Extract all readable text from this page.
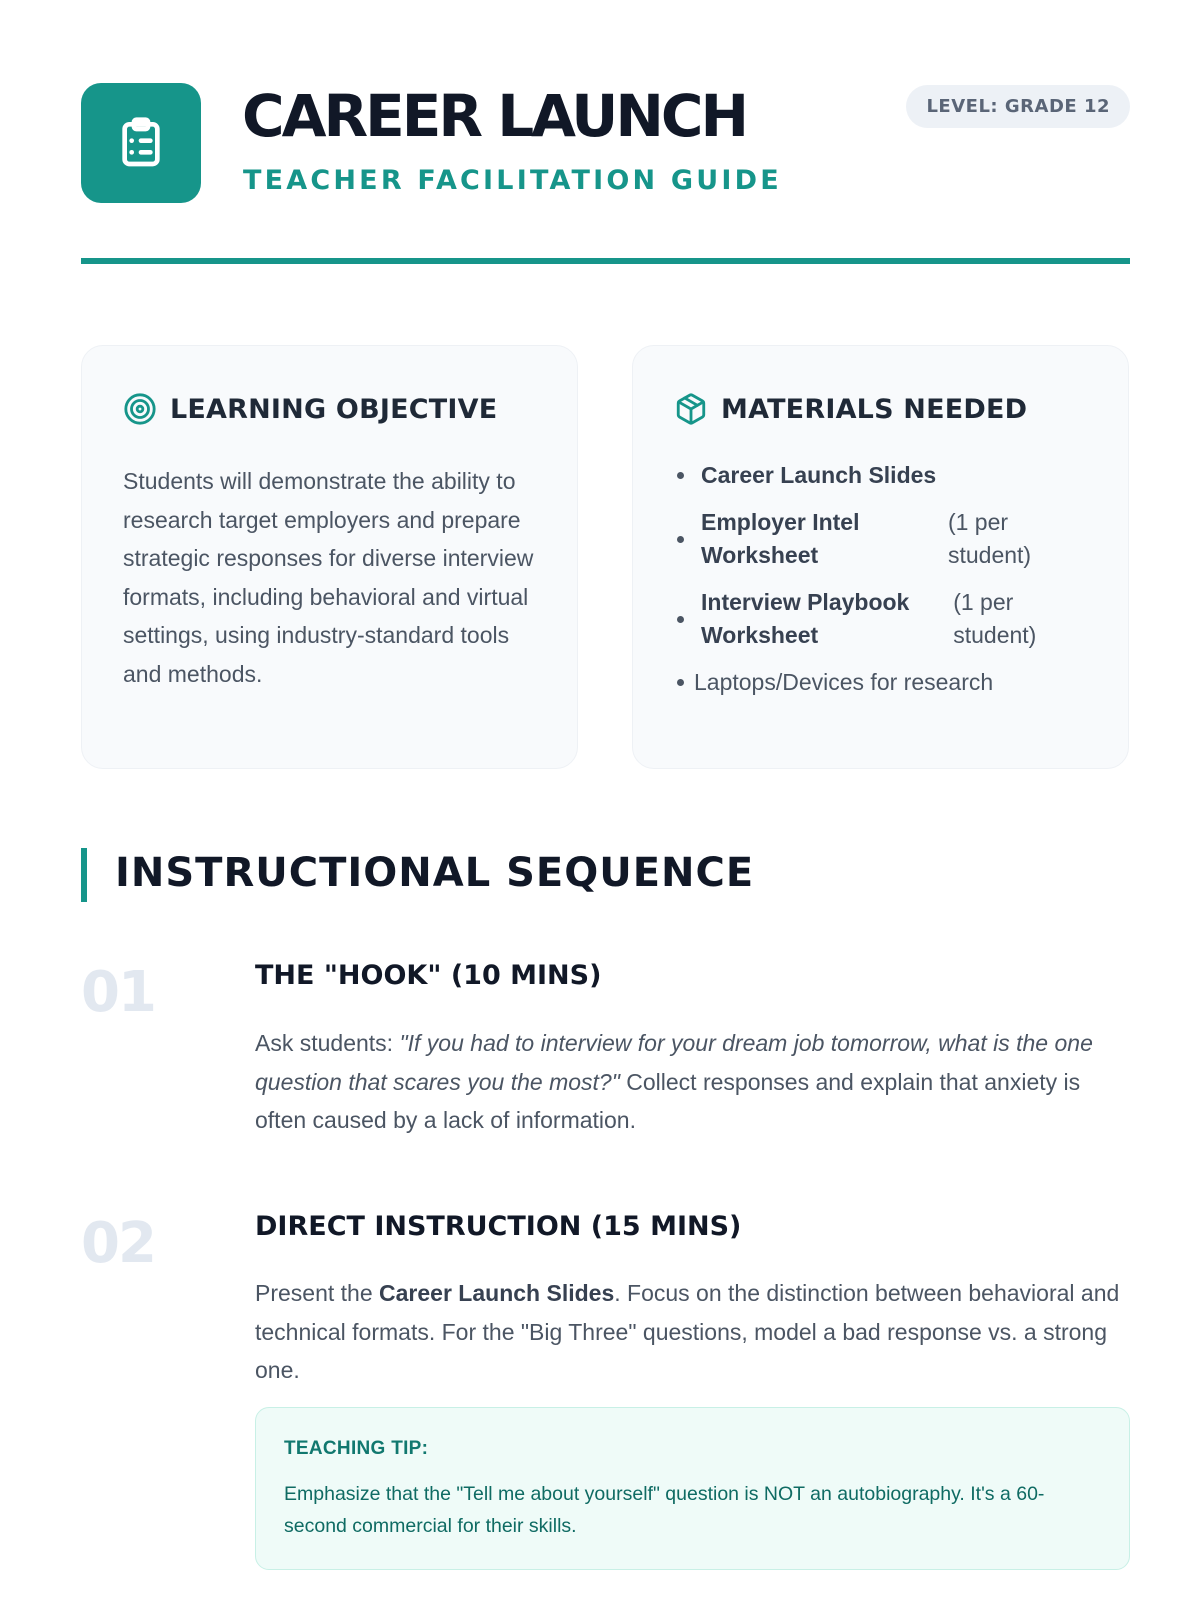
CAREER LAUNCH
TEACHER FACILITATION GUIDE
LEVEL: GRADE 12
LEARNING OBJECTIVE

Students will demonstrate the ability to research target employers and prepare strategic responses for diverse interview formats, including behavioral and virtual settings, using industry-standard tools and methods.

MATERIALS NEEDED
Career Launch Slides
Employer Intel Worksheet
(1 per student)
Interview Playbook Worksheet
(1 per student)
Laptops/Devices for research
INSTRUCTIONAL SEQUENCE
01	THE "HOOK" (10 MINS)

Ask students: "If you had to interview for your dream job tomorrow, what is the one question that scares you the most?" Collect responses and explain that anxiety is often caused by a lack of information.

02	DIRECT INSTRUCTION (15 MINS)

Present the Career Launch Slides. Focus on the distinction between behavioral and technical formats. For the "Big Three" questions, model a bad response vs. a strong one.

TEACHING TIP:
Emphasize that the "Tell me about yourself" question is NOT an autobiography. It's a 60-second commercial for their skills.
